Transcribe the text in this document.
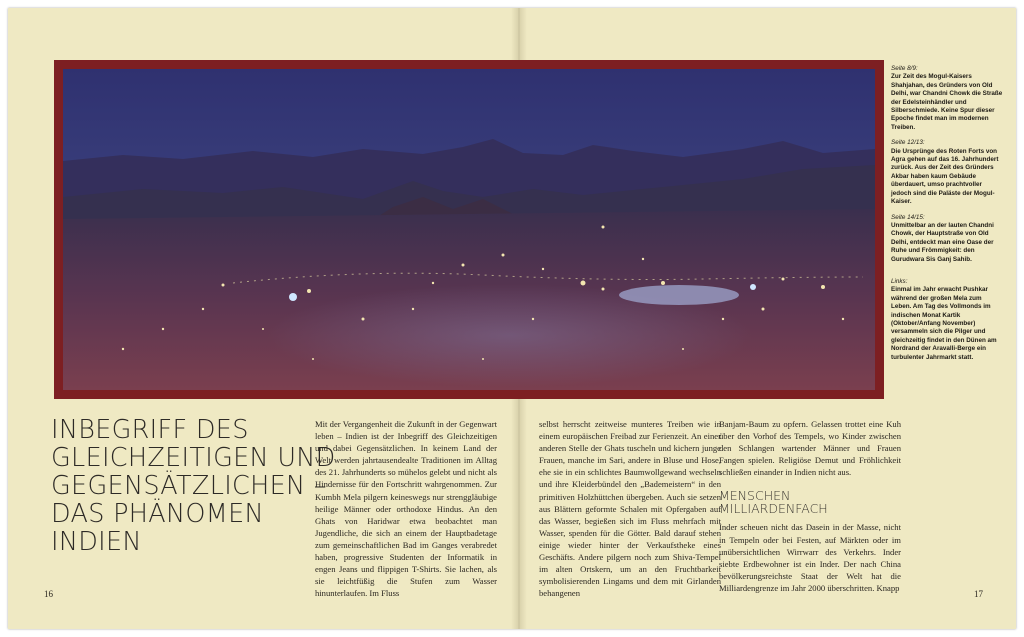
Seite 8/9:
Zur Zeit des Mogul-Kaisers Shahjahan, des Gründers von Old Delhi, war Chandni Chowk die Straße der Edelsteinhändler und Silberschmiede. Keine Spur dieser Epoche findet man im modernen Treiben.
Seite 12/13:
Die Ursprünge des Roten Forts von Agra gehen auf das 16. Jahrhundert zurück. Aus der Zeit des Gründers Akbar haben kaum Gebäude überdauert, umso prachtvoller jedoch sind die Paläste der Mogul-Kaiser.
Seite 14/15:
Unmittelbar an der lauten Chandni Chowk, der Hauptstraße von Old Delhi, entdeckt man eine Oase der Ruhe und Frömmigkeit: den Gurudwara Sis Ganj Sahib.
Links:
Einmal im Jahr erwacht Pushkar während der großen Mela zum Leben. Am Tag des Vollmonds im indischen Monat Kartik (Oktober/Anfang November) versammeln sich die Pilger und gleichzeitig findet in den Dünen am Nordrand der Aravalli-Berge ein turbulenter Jahrmarkt statt.
INBEGRIFF DES
GLEICHZEITIGEN UND
GEGENSÄTZLICHEN –
DAS PHÄNOMEN
INDIEN

Mit der Vergangenheit die Zukunft in der Gegenwart leben – Indien ist der Inbegriff des Gleichzeitigen und dabei Gegensätzlichen. In keinem Land der Welt werden jahrtausendealte Traditionen im Alltag des 21. Jahrhunderts so mühelos gelebt und nicht als Hindernisse für den Fortschritt wahrgenommen. Zur Kumbh Mela pilgern keineswegs nur strenggläubige heilige Männer oder orthodoxe Hindus. An den Ghats von Haridwar etwa beobachtet man Jugendliche, die sich an einem der Hauptbadetage zum gemeinschaftlichen Bad im Ganges verabredet haben, progressive Studenten der Informatik in engen Jeans und flippigen T-Shirts. Sie lachen, als sie leichtfüßig die Stufen zum Wasser hinunterlaufen. Im Fluss

selbst herrscht zeitweise munteres Treiben wie in einem europäischen Freibad zur Ferienzeit. An einer anderen Stelle der Ghats tuscheln und kichern junge Frauen, manche im Sari, andere in Bluse und Hose, ehe sie in ein schlichtes Baumwollgewand wechseln und ihre Kleiderbündel den „Bademeistern“ in den primitiven Holzhüttchen übergeben. Auch sie setzen aus Blättern geformte Schalen mit Opfergaben auf das Wasser, begießen sich im Fluss mehrfach mit Wasser, spenden für die Götter. Bald darauf stehen einige wieder hinter der Verkaufstheke eines Geschäfts. Andere pilgern noch zum Shiva-Tempel im alten Ortskern, um an den Fruchtbarkeit symbolisierenden Lingams und dem mit Girlanden behangenen

Banjam-Baum zu opfern. Gelassen trottet eine Kuh über den Vorhof des Tempels, wo Kinder zwischen den Schlangen wartender Männer und Frauen Fangen spielen. Religiöse Demut und Fröhlichkeit schließen einander in Indien nicht aus.

MENSCHEN
MILLIARDENFACH

Inder scheuen nicht das Dasein in der Masse, nicht in Tempeln oder bei Festen, auf Märkten oder im unübersichtlichen Wirrwarr des Verkehrs. Inder siebte Erdbewohner ist ein Inder. Der nach China bevölkerungsreichste Staat der Welt hat die Milliardengrenze im Jahr 2000 überschritten. Knapp

16	17
